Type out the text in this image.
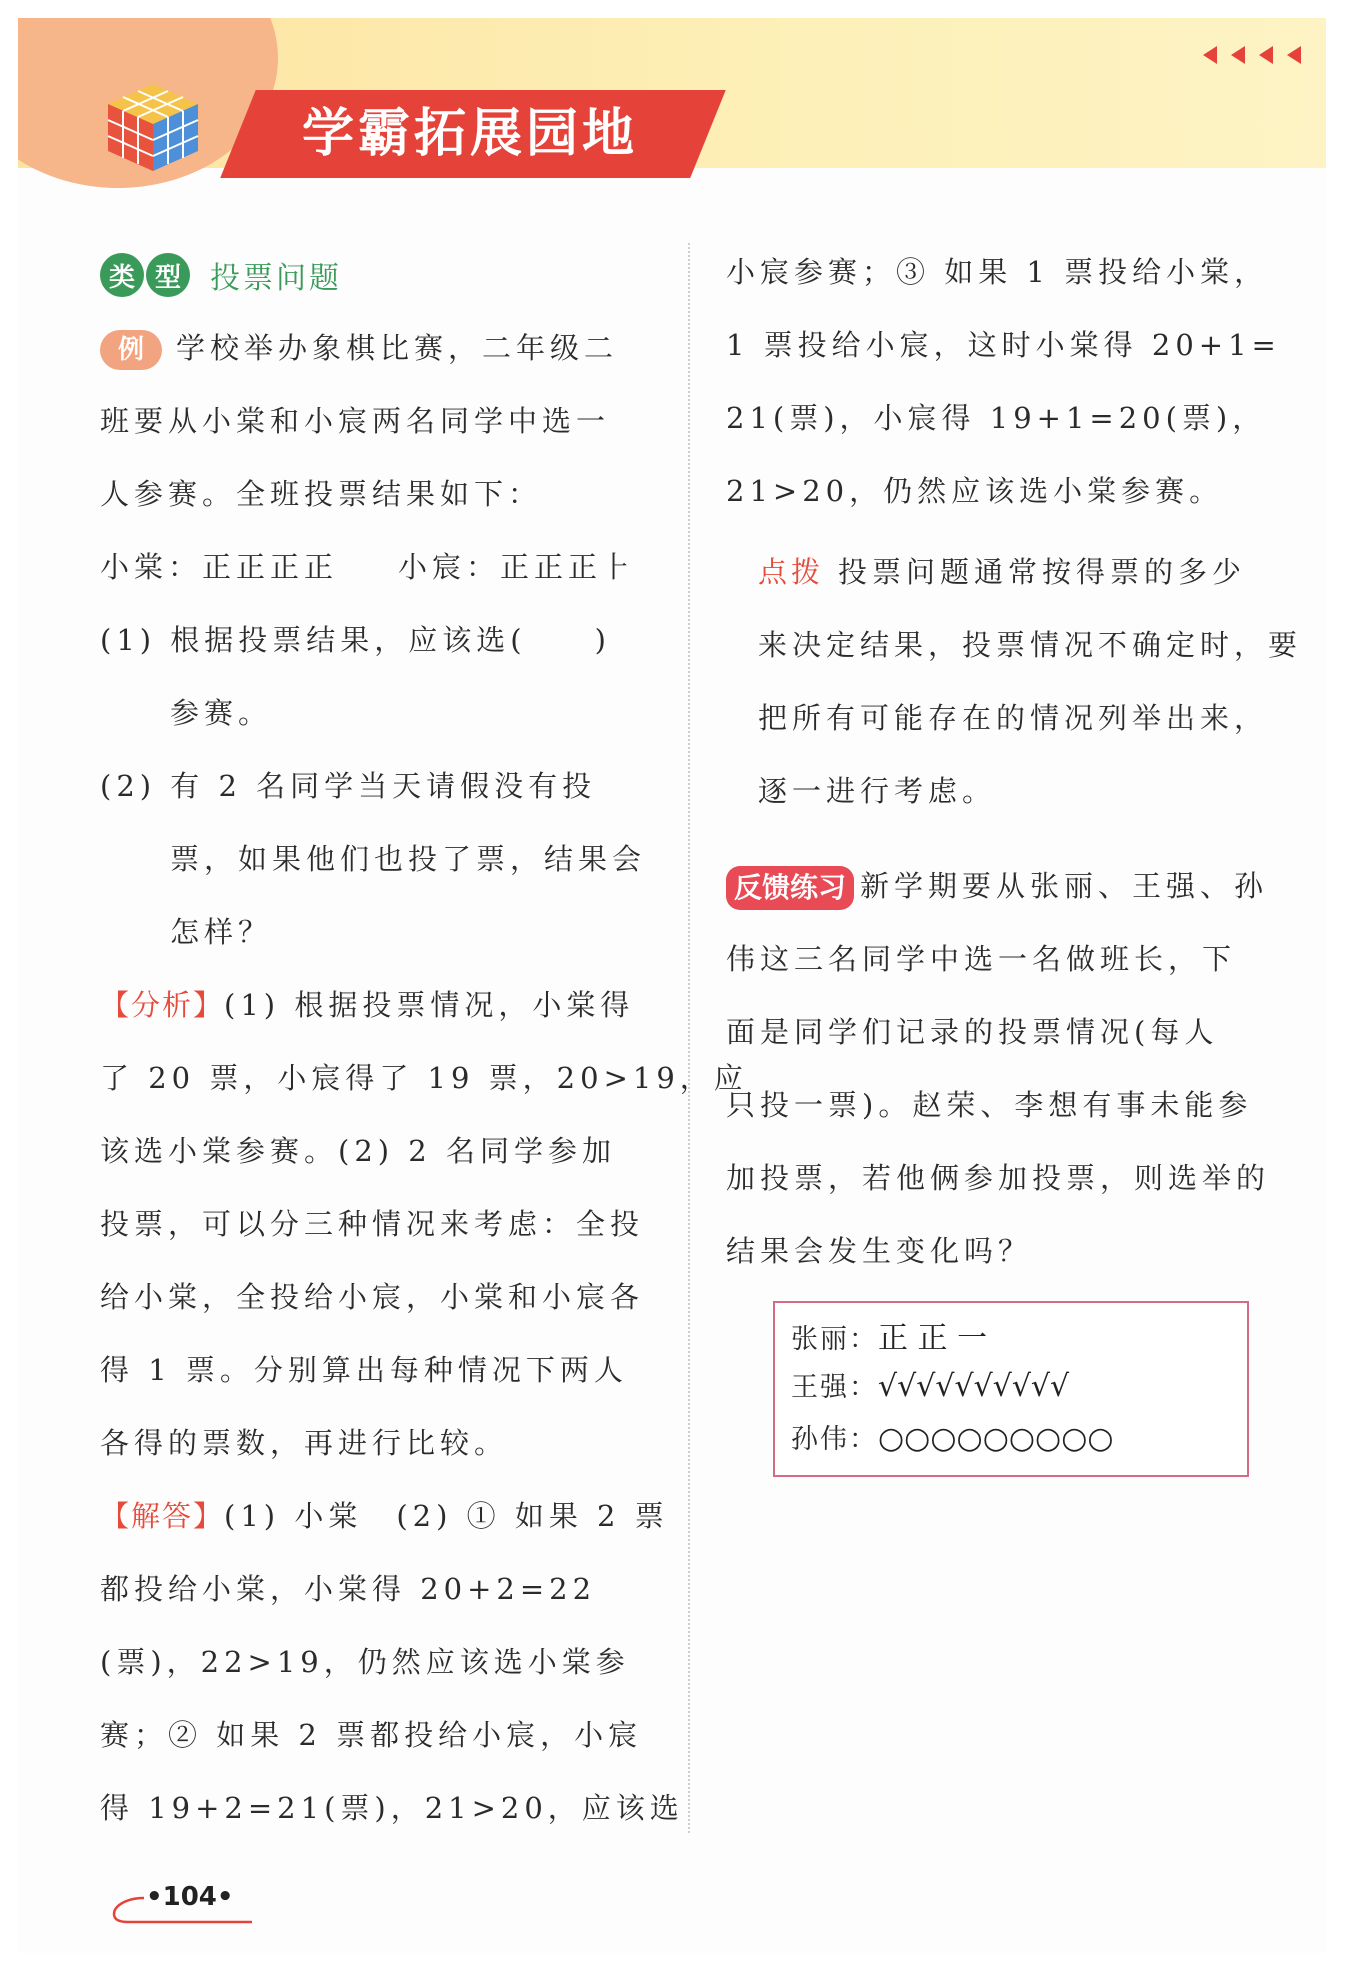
学霸拓展园地
类 型 投票问题
例 学校举办象棋比赛，二年级二
班要从小棠和小宸两名同学中选一
人参赛。全班投票结果如下：
小棠：正正正正 小宸：正正正⺊
(1) 根据投票结果，应该选(　　)
参赛。
(2) 有 2 名同学当天请假没有投
票，如果他们也投了票，结果会
怎样？
【分析】(1) 根据投票情况，小棠得
了 20 票，小宸得了 19 票，20>19，应
该选小棠参赛。(2) 2 名同学参加
投票，可以分三种情况来考虑：全投
给小棠，全投给小宸，小棠和小宸各
得 1 票。分别算出每种情况下两人
各得的票数，再进行比较。
【解答】(1) 小棠　(2) ① 如果 2 票
都投给小棠，小棠得 20+2=22
(票)，22>19，仍然应该选小棠参
赛；② 如果 2 票都投给小宸，小宸
得 19+2=21(票)，21>20，应该选
小宸参赛；③ 如果 1 票投给小棠，
1 票投给小宸，这时小棠得 20+1=
21(票)，小宸得 19+1=20(票)，
21>20，仍然应该选小棠参赛。
点拨 投票问题通常按得票的多少
来决定结果，投票情况不确定时，要
把所有可能存在的情况列举出来，
逐一进行考虑。
反馈练习 新学期要从张丽、王强、孙
伟这三名同学中选一名做班长，下
面是同学们记录的投票情况(每人
只投一票)。赵荣、李想有事未能参
加投票，若他俩参加投票，则选举的
结果会发生变化吗？
张丽：正 正 一
王强：√√√√√√√√√√
孙伟：○○○○○○○○○
•104•
